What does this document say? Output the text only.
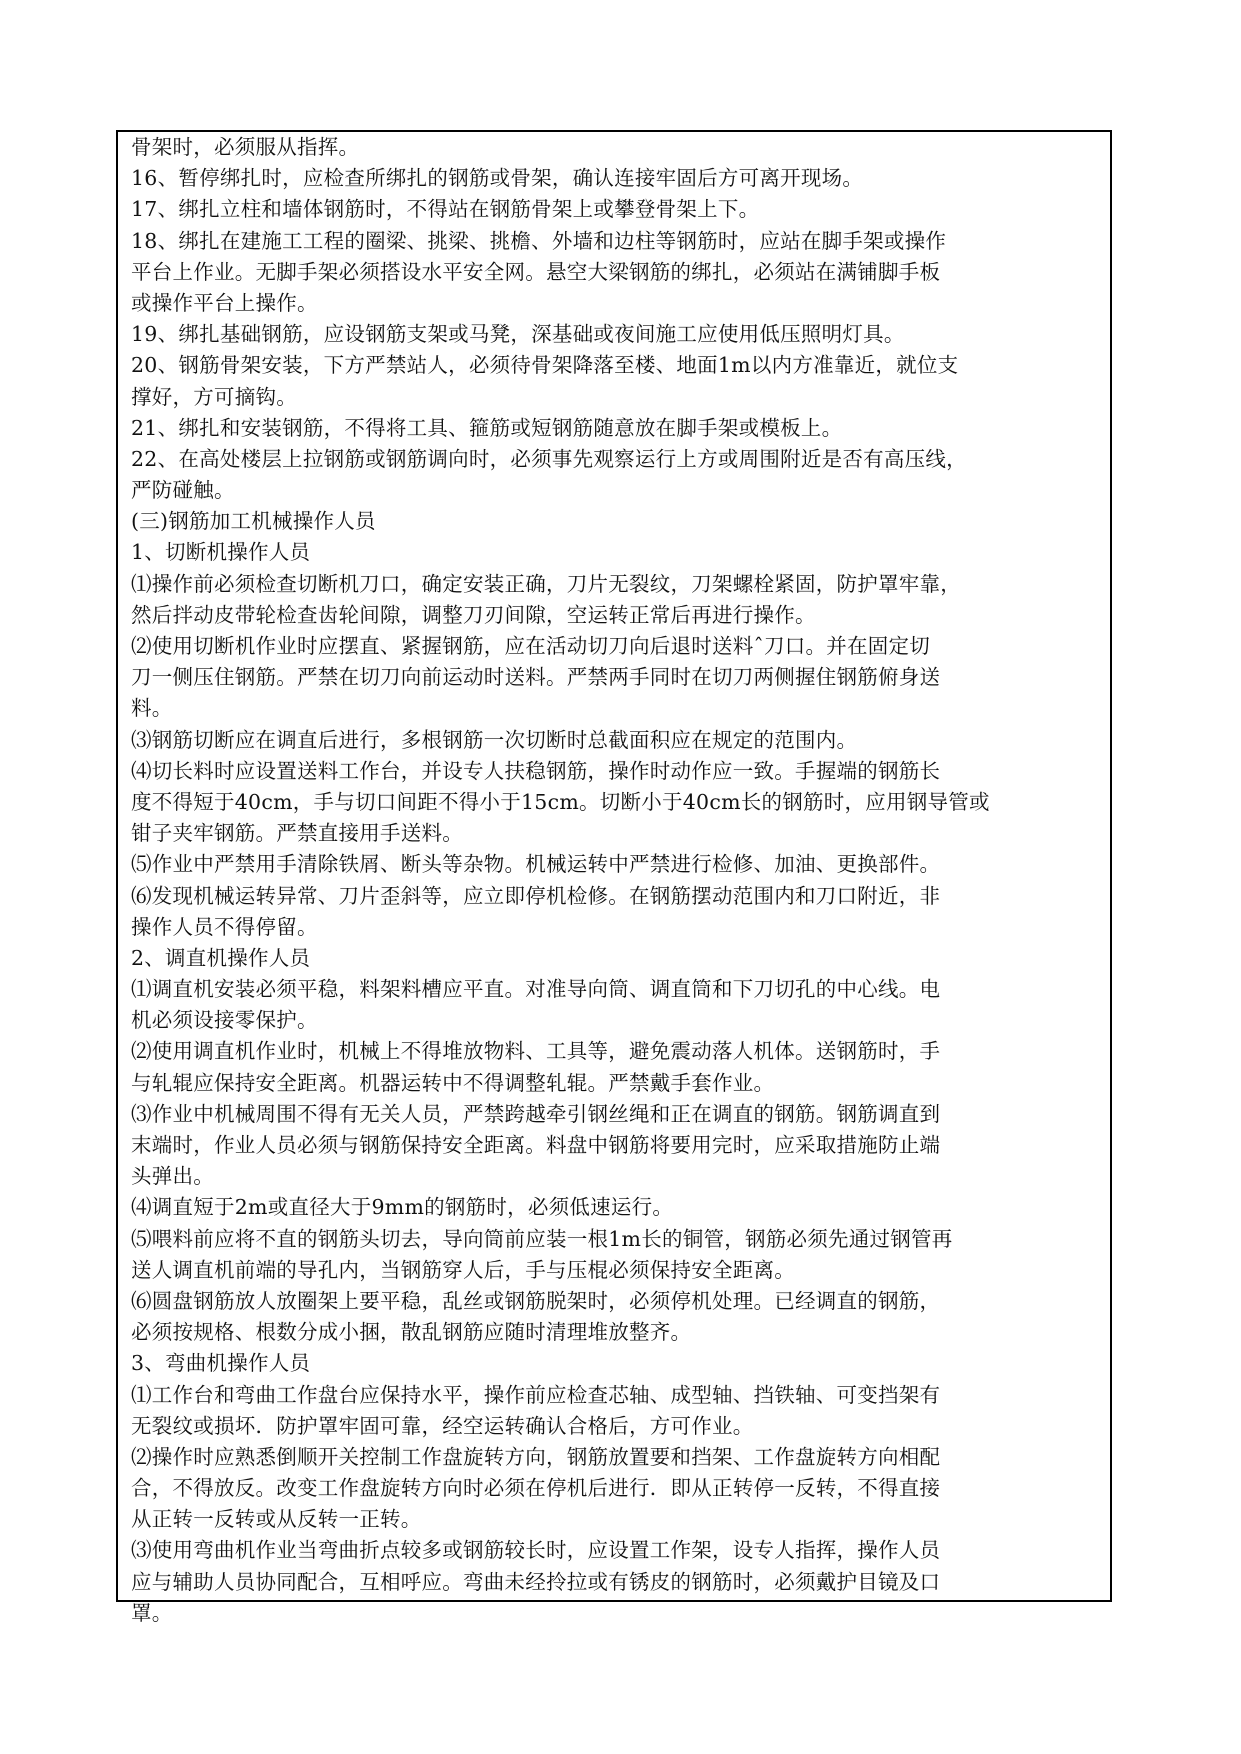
骨架时，必须服从指挥。
16、暂停绑扎时，应检查所绑扎的钢筋或骨架，确认连接牢固后方可离开现场。
17、绑扎立柱和墙体钢筋时，不得站在钢筋骨架上或攀登骨架上下。
18、绑扎在建施工工程的圈梁、挑梁、挑檐、外墙和边柱等钢筋时，应站在脚手架或操作
平台上作业。无脚手架必须搭设水平安全网。悬空大梁钢筋的绑扎，必须站在满铺脚手板
或操作平台上操作。
19、绑扎基础钢筋，应设钢筋支架或马凳，深基础或夜间施工应使用低压照明灯具。
20、钢筋骨架安装，下方严禁站人，必须待骨架降落至楼、地面1m以内方准靠近，就位支
撑好，方可摘钩。
21、绑扎和安装钢筋，不得将工具、箍筋或短钢筋随意放在脚手架或模板上。
22、在高处楼层上拉钢筋或钢筋调向时，必须事先观察运行上方或周围附近是否有高压线，
严防碰触。
(三)钢筋加工机械操作人员
1、切断机操作人员
⑴操作前必须检查切断机刀口，确定安装正确，刀片无裂纹，刀架螺栓紧固，防护罩牢靠，
然后拌动皮带轮检查齿轮间隙，调整刀刃间隙，空运转正常后再进行操作。
⑵使用切断机作业时应摆直、紧握钢筋，应在活动切刀向后退时送料ˆ刀口。并在固定切
刀一侧压住钢筋。严禁在切刀向前运动时送料。严禁两手同时在切刀两侧握住钢筋俯身送
料。
⑶钢筋切断应在调直后进行，多根钢筋一次切断时总截面积应在规定的范围内。
⑷切长料时应设置送料工作台，并设专人扶稳钢筋，操作时动作应一致。手握端的钢筋长
度不得短于40cm，手与切口间距不得小于15cm。切断小于40cm长的钢筋时，应用钢导管或
钳子夹牢钢筋。严禁直接用手送料。
⑸作业中严禁用手清除铁屑、断头等杂物。机械运转中严禁进行检修、加油、更换部件。
⑹发现机械运转异常、刀片歪斜等，应立即停机检修。在钢筋摆动范围内和刀口附近，非
操作人员不得停留。
2、调直机操作人员
⑴调直机安装必须平稳，料架料槽应平直。对准导向筒、调直筒和下刀切孔的中心线。电
机必须设接零保护。
⑵使用调直机作业时，机械上不得堆放物料、工具等，避免震动落人机体。送钢筋时，手
与轧辊应保持安全距离。机器运转中不得调整轧辊。严禁戴手套作业。
⑶作业中机械周围不得有无关人员，严禁跨越牵引钢丝绳和正在调直的钢筋。钢筋调直到
末端时，作业人员必须与钢筋保持安全距离。料盘中钢筋将要用完时，应采取措施防止端
头弹出。
⑷调直短于2m或直径大于9mm的钢筋时，必须低速运行。
⑸喂料前应将不直的钢筋头切去，导向筒前应装一根1m长的铜管，钢筋必须先通过钢管再
送人调直机前端的导孔内，当钢筋穿人后，手与压棍必须保持安全距离。
⑹圆盘钢筋放人放圈架上要平稳，乱丝或钢筋脱架时，必须停机处理。已经调直的钢筋，
必须按规格、根数分成小捆，散乱钢筋应随时清理堆放整齐。
3、弯曲机操作人员
⑴工作台和弯曲工作盘台应保持水平，操作前应检查芯轴、成型轴、挡铁轴、可变挡架有
无裂纹或损坏．防护罩牢固可靠，经空运转确认合格后，方可作业。
⑵操作时应熟悉倒顺开关控制工作盘旋转方向，钢筋放置要和挡架、工作盘旋转方向相配
合，不得放反。改变工作盘旋转方向时必须在停机后进行．即从正转停一反转，不得直接
从正转一反转或从反转一正转。
⑶使用弯曲机作业当弯曲折点较多或钢筋较长时，应设置工作架，设专人指挥，操作人员
应与辅助人员协同配合，互相呼应。弯曲未经拎拉或有锈皮的钢筋时，必须戴护目镜及口
罩。
